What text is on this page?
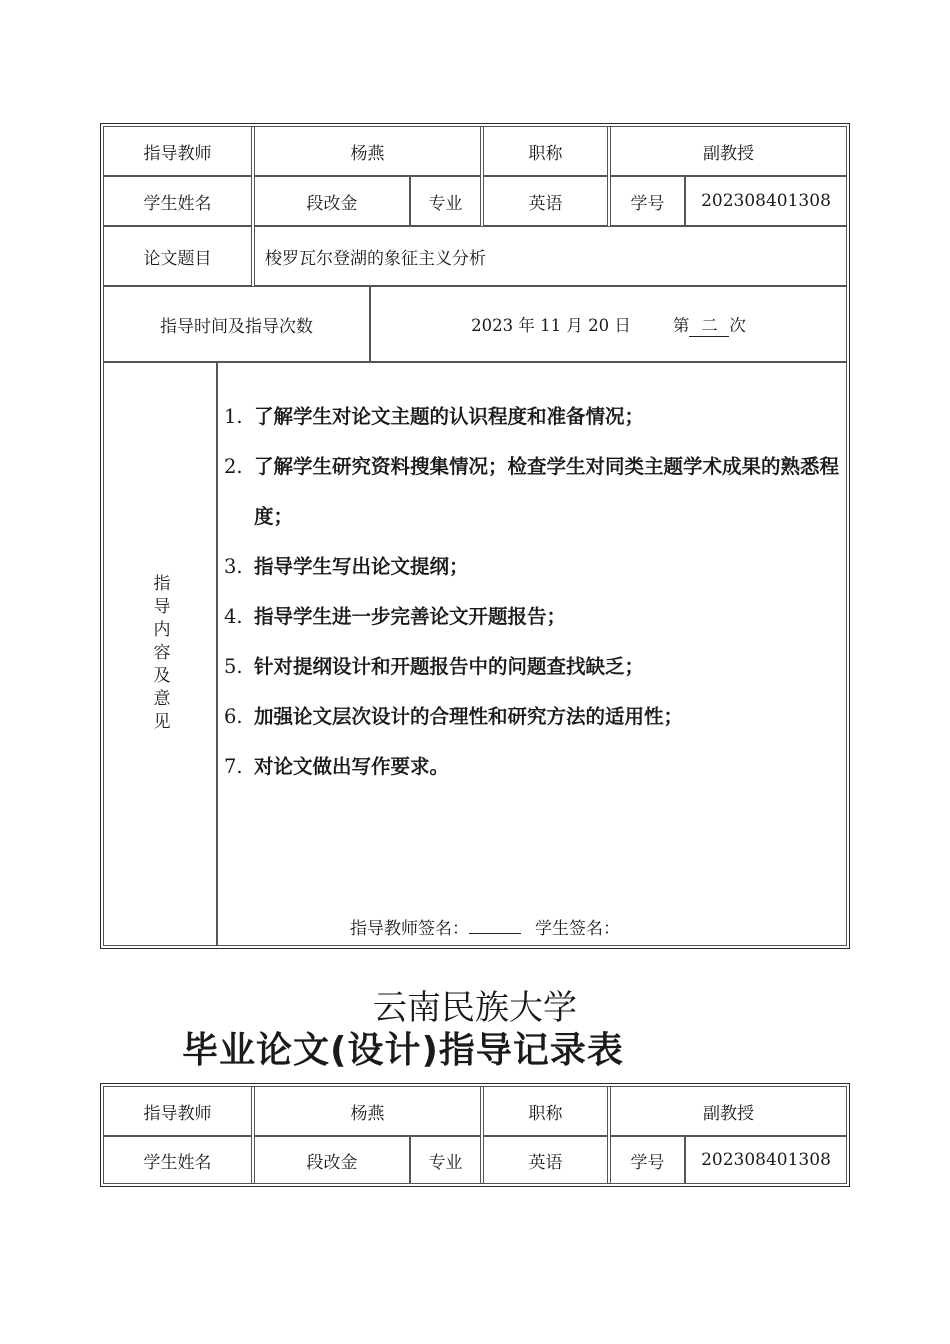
指导教师	杨燕	职称	副教授
学生姓名	段改金	专业	英语	学号 202308401308
论文题目	梭罗瓦尔登湖的象征主义分析
指导时间及指导次数	2023 年 11 月 20 日	第 二 次
指导内容及意见
1. 了解学生对论文主题的认识程度和准备情况；
2. 了解学生研究资料搜集情况；检查学生对同类主题学术成果的熟悉程度；
3. 指导学生写出论文提纲；
4. 指导学生进一步完善论文开题报告；
5. 针对提纲设计和开题报告中的问题查找缺乏；
6. 加强论文层次设计的合理性和研究方法的适用性；
7. 对论文做出写作要求。
指导教师签名：	学生签名：
云南民族大学
毕业论文(设计)指导记录表
指导教师	杨燕	职称	副教授
学生姓名	段改金	专业	英语	学号 202308401308
